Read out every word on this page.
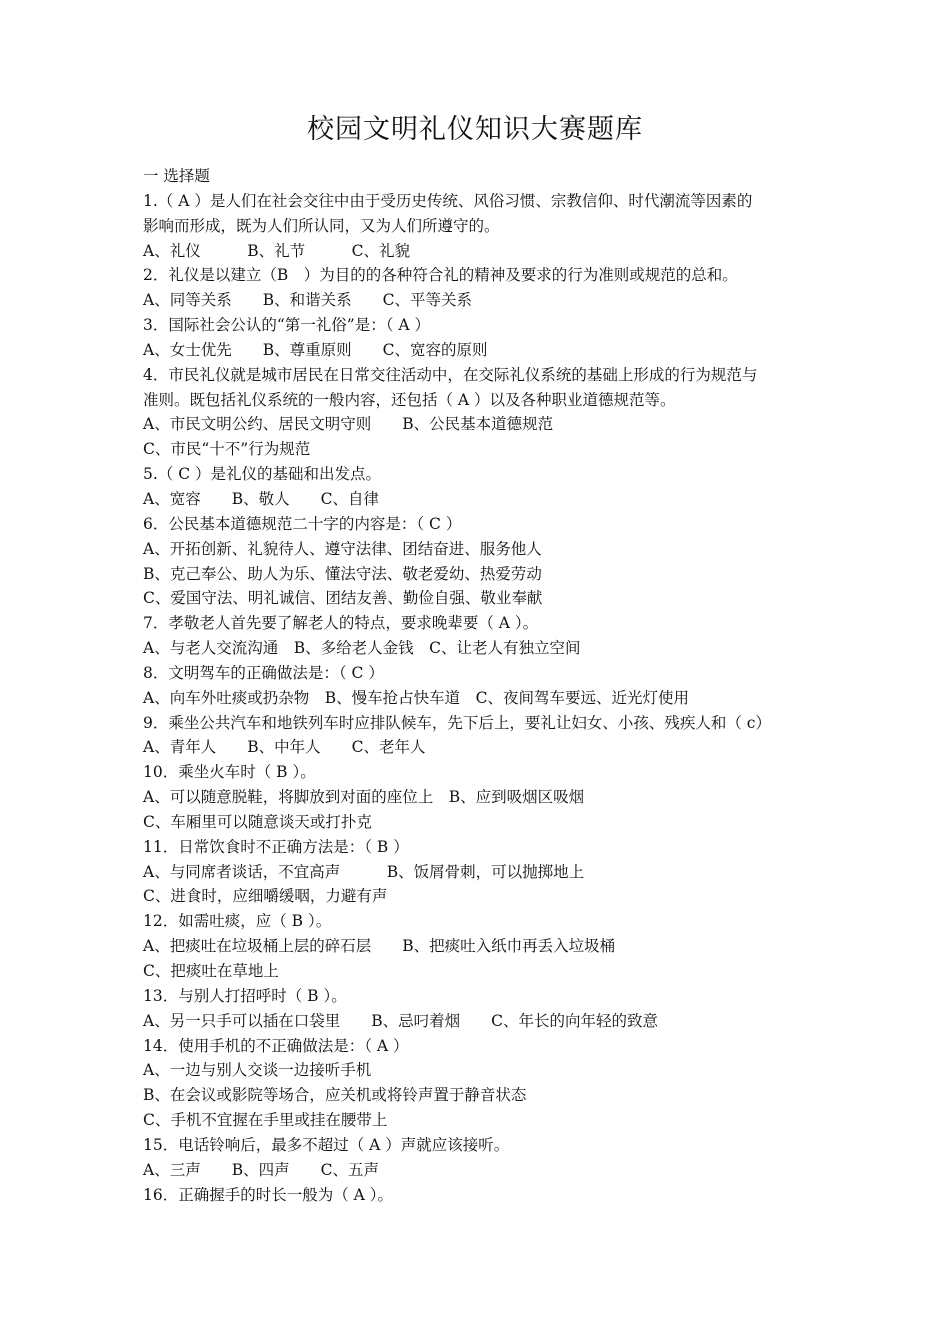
校园文明礼仪知识大赛题库
一 选择题
1.（ A ）是人们在社会交往中由于受历史传统、风俗习惯、宗教信仰、时代潮流等因素的
影响而形成，既为人们所认同，又为人们所遵守的。
A、礼仪　　　B、礼节　　　C、礼貌
2．礼仪是以建立（B　）为目的的各种符合礼的精神及要求的行为准则或规范的总和。
A、同等关系　　B、和谐关系　　C、平等关系
3．国际社会公认的“第一礼俗”是：（ A ）
A、女士优先　　B、尊重原则　　C、宽容的原则
4．市民礼仪就是城市居民在日常交往活动中，在交际礼仪系统的基础上形成的行为规范与
准则。既包括礼仪系统的一般内容，还包括（ A ）以及各种职业道德规范等。
A、市民文明公约、居民文明守则　　B、公民基本道德规范
C、市民“十不”行为规范
5.（ C ）是礼仪的基础和出发点。
A、宽容　　B、敬人　　C、自律
6．公民基本道德规范二十字的内容是：（ C ）
A、开拓创新、礼貌待人、遵守法律、团结奋进、服务他人
B、克己奉公、助人为乐、懂法守法、敬老爱幼、热爱劳动
C、爱国守法、明礼诚信、团结友善、勤俭自强、敬业奉献
7．孝敬老人首先要了解老人的特点，要求晚辈要（ A ）。
A、与老人交流沟通　B、多给老人金钱　C、让老人有独立空间
8．文明驾车的正确做法是：（ C ）
A、向车外吐痰或扔杂物　B、慢车抢占快车道　C、夜间驾车要远、近光灯使用
9．乘坐公共汽车和地铁列车时应排队候车，先下后上，要礼让妇女、小孩、残疾人和（ c）
A、青年人　　B、中年人　　C、老年人
10．乘坐火车时（ B ）。
A、可以随意脱鞋，将脚放到对面的座位上　B、应到吸烟区吸烟
C、车厢里可以随意谈天或打扑克
11．日常饮食时不正确方法是：（ B ）
A、与同席者谈话，不宜高声　　　B、饭屑骨刺，可以抛掷地上
C、进食时，应细嚼缓咽，力避有声
12．如需吐痰，应（ B ）。
A、把痰吐在垃圾桶上层的碎石层　　B、把痰吐入纸巾再丢入垃圾桶
C、把痰吐在草地上
13．与别人打招呼时（ B ）。
A、另一只手可以插在口袋里　　B、忌叼着烟　　C、年长的向年轻的致意
14．使用手机的不正确做法是：（ A ）
A、一边与别人交谈一边接听手机
B、在会议或影院等场合，应关机或将铃声置于静音状态
C、手机不宜握在手里或挂在腰带上
15．电话铃响后，最多不超过（ A ）声就应该接听。
A、三声　　B、四声　　C、五声
16．正确握手的时长一般为（ A ）。
